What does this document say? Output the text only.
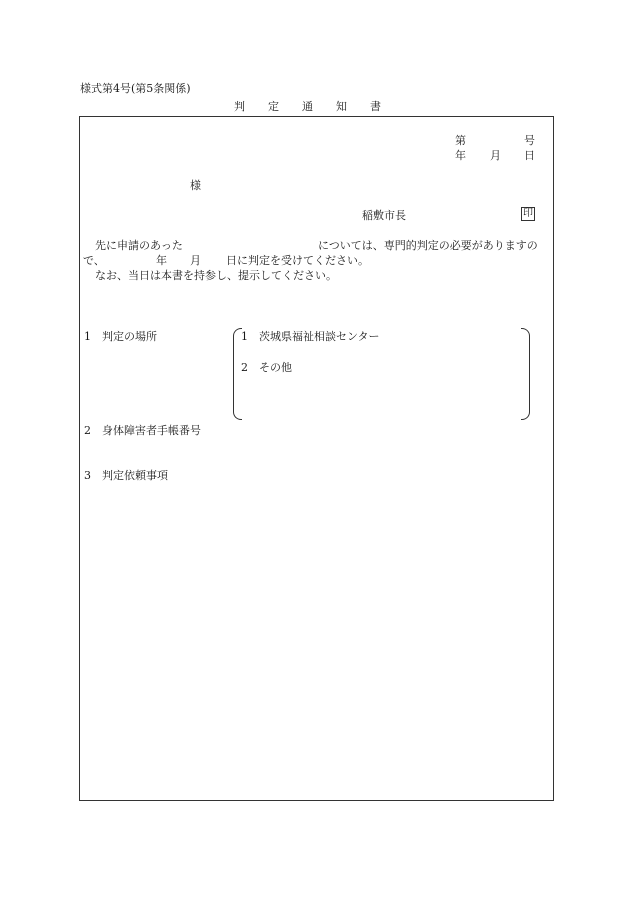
様式第4号(第5条関係)
判 定 通 知 書
第	号
年 月 日
様
稲敷市長	印
先に申請のあった	については、専門的判定の必要がありますの
で、	年 月 日に判定を受けてください。
なお、当日は本書を持参し、提示してください。
1　判定の場所	1　茨城県福祉相談センター
2　その他
2　身体障害者手帳番号
3　判定依頼事項
